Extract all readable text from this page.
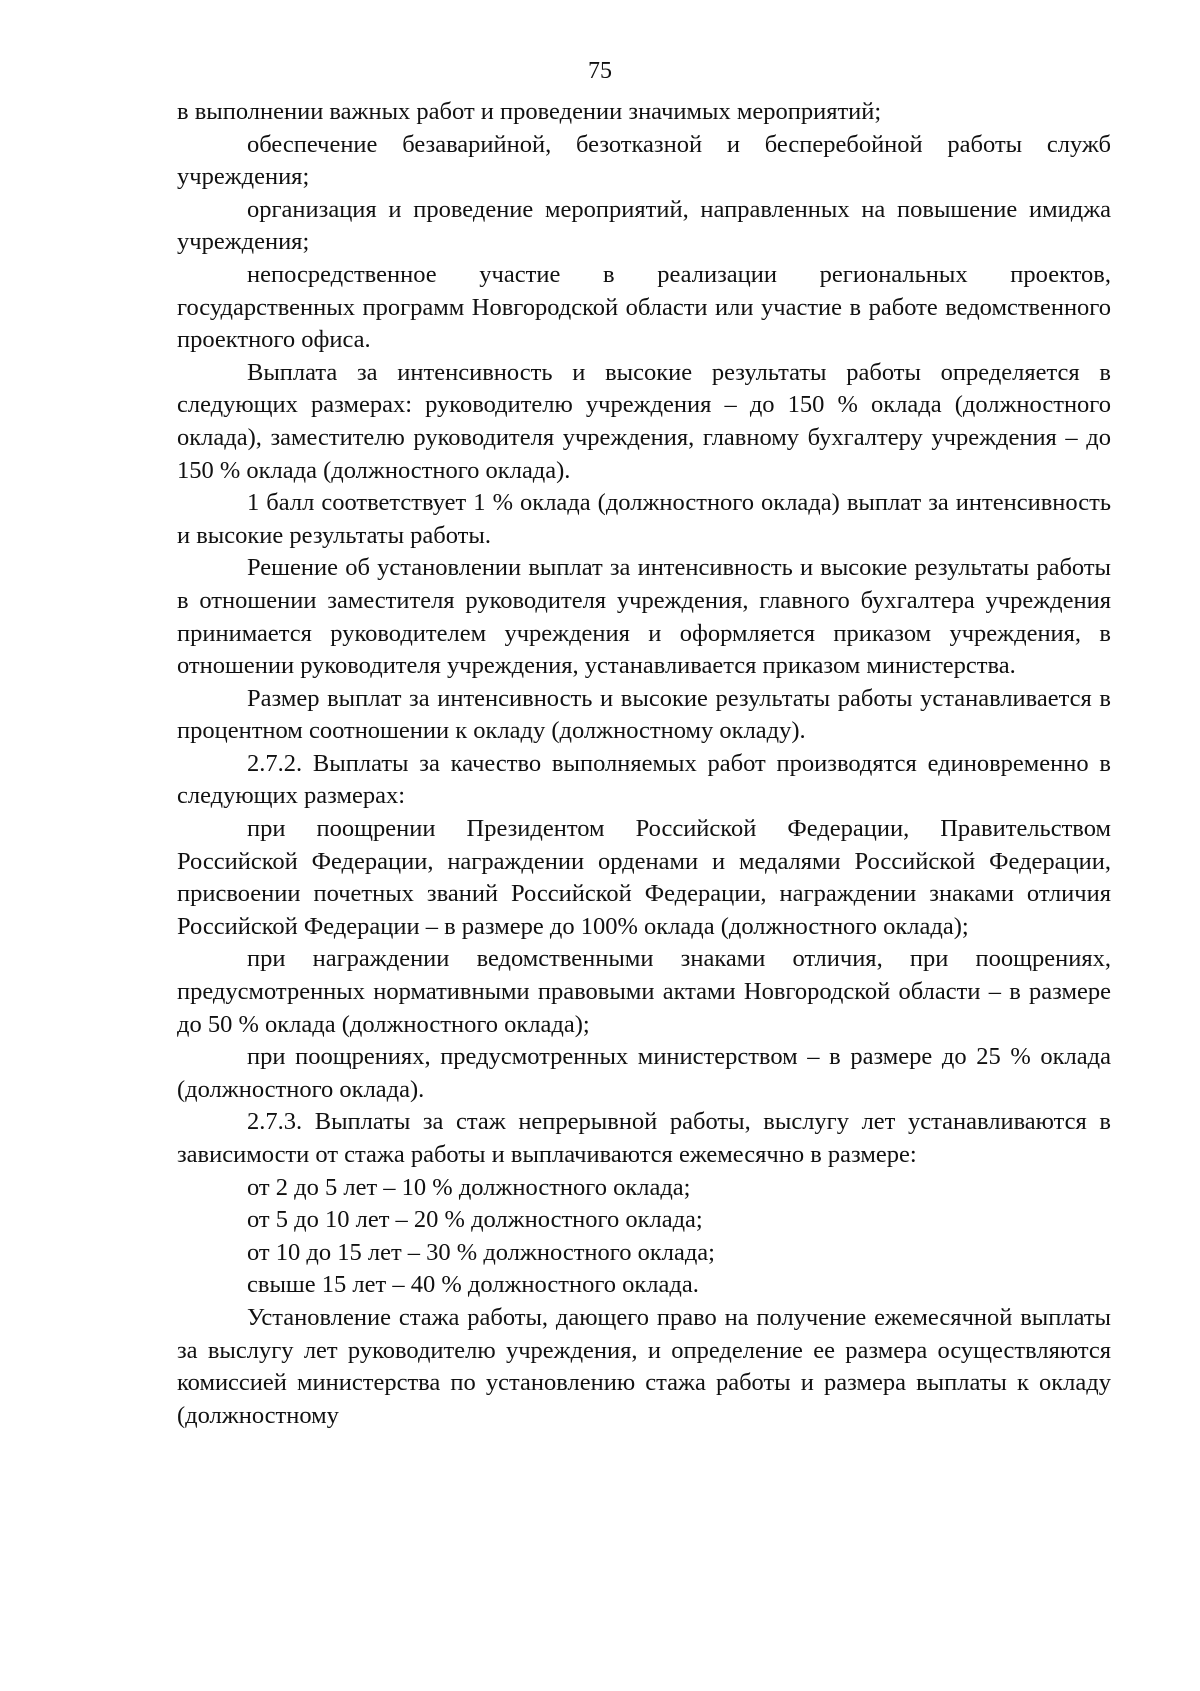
75

в выполнении важных работ и проведении значимых мероприятий;

обеспечение безаварийной, безотказной и бесперебойной работы служб учреждения;

организация и проведение мероприятий, направленных на повышение имиджа учреждения;

непосредственное участие в реализации региональных проектов, государственных программ Новгородской области или участие в работе ведомственного проектного офиса.

Выплата за интенсивность и высокие результаты работы определяется в следующих размерах: руководителю учреждения – до 150 % оклада (должностного оклада), заместителю руководителя учреждения, главному бухгалтеру учреждения – до 150 % оклада (должностного оклада).

1 балл соответствует 1 % оклада (должностного оклада) выплат за интенсивность и высокие результаты работы.

Решение об установлении выплат за интенсивность и высокие результаты работы в отношении заместителя руководителя учреждения, главного бухгалтера учреждения принимается руководителем учреждения и оформляется приказом учреждения, в отношении руководителя учреждения, устанавливается приказом министерства.

Размер выплат за интенсивность и высокие результаты работы устанавливается в процентном соотношении к окладу (должностному окладу).

2.7.2. Выплаты за качество выполняемых работ производятся единовременно в следующих размерах:

при поощрении Президентом Российской Федерации, Правительством Российской Федерации, награждении орденами и медалями Российской Федерации, присвоении почетных званий Российской Федерации, награждении знаками отличия Российской Федерации – в размере до 100% оклада (должностного оклада);

при награждении ведомственными знаками отличия, при поощрениях, предусмотренных нормативными правовыми актами Новгородской области – в размере до 50 % оклада (должностного оклада);

при поощрениях, предусмотренных министерством – в размере до 25 % оклада (должностного оклада).

2.7.3. Выплаты за стаж непрерывной работы, выслугу лет устанавливаются в зависимости от стажа работы и выплачиваются ежемесячно в размере:

от 2 до 5 лет – 10 % должностного оклада;

от 5 до 10 лет – 20 % должностного оклада;

от 10 до 15 лет – 30 % должностного оклада;

свыше 15 лет – 40 % должностного оклада.

Установление стажа работы, дающего право на получение ежемесячной выплаты за выслугу лет руководителю учреждения, и определение ее размера осуществляются комиссией министерства по установлению стажа работы и размера выплаты к окладу (должностному
